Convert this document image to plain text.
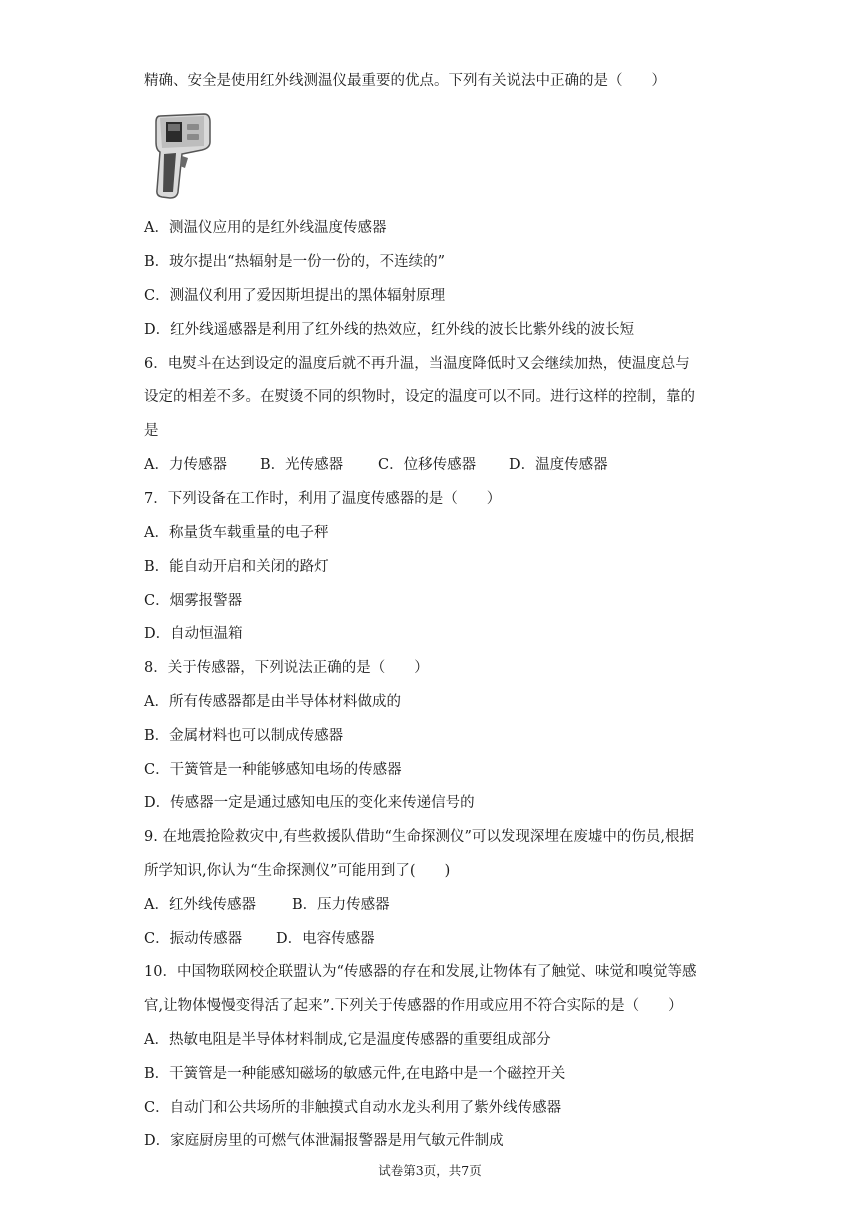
精确、安全是使用红外线测温仪最重要的优点。下列有关说法中正确的是（　　）
A．测温仪应用的是红外线温度传感器
B．玻尔提出“热辐射是一份一份的，不连续的”
C．测温仪利用了爱因斯坦提出的黑体辐射原理
D．红外线遥感器是利用了红外线的热效应，红外线的波长比紫外线的波长短
6．电熨斗在达到设定的温度后就不再升温，当温度降低时又会继续加热，使温度总与
设定的相差不多。在熨烫不同的织物时，设定的温度可以不同。进行这样的控制，靠的
是
A．力传感器 B．光传感器 C．位移传感器 D．温度传感器
7．下列设备在工作时，利用了温度传感器的是（　　）
A．称量货车载重量的电子秤
B．能自动开启和关闭的路灯
C．烟雾报警器
D．自动恒温箱
8．关于传感器，下列说法正确的是（　　）
A．所有传感器都是由半导体材料做成的
B．金属材料也可以制成传感器
C．干簧管是一种能够感知电场的传感器
D．传感器一定是通过感知电压的变化来传递信号的
9. 在地震抢险救灾中,有些救援队借助“生命探测仪”可以发现深埋在废墟中的伤员,根据
所学知识,你认为“生命探测仪”可能用到了(　　)
A．红外线传感器 B．压力传感器
C．振动传感器 D．电容传感器
10．中国物联网校企联盟认为“传感器的存在和发展,让物体有了触觉、味觉和嗅觉等感
官,让物体慢慢变得活了起来”.下列关于传感器的作用或应用不符合实际的是（　　）
A．热敏电阻是半导体材料制成,它是温度传感器的重要组成部分
B．干簧管是一种能感知磁场的敏感元件,在电路中是一个磁控开关
C．自动门和公共场所的非触摸式自动水龙头利用了紫外线传感器
D．家庭厨房里的可燃气体泄漏报警器是用气敏元件制成
试卷第3页，共7页
